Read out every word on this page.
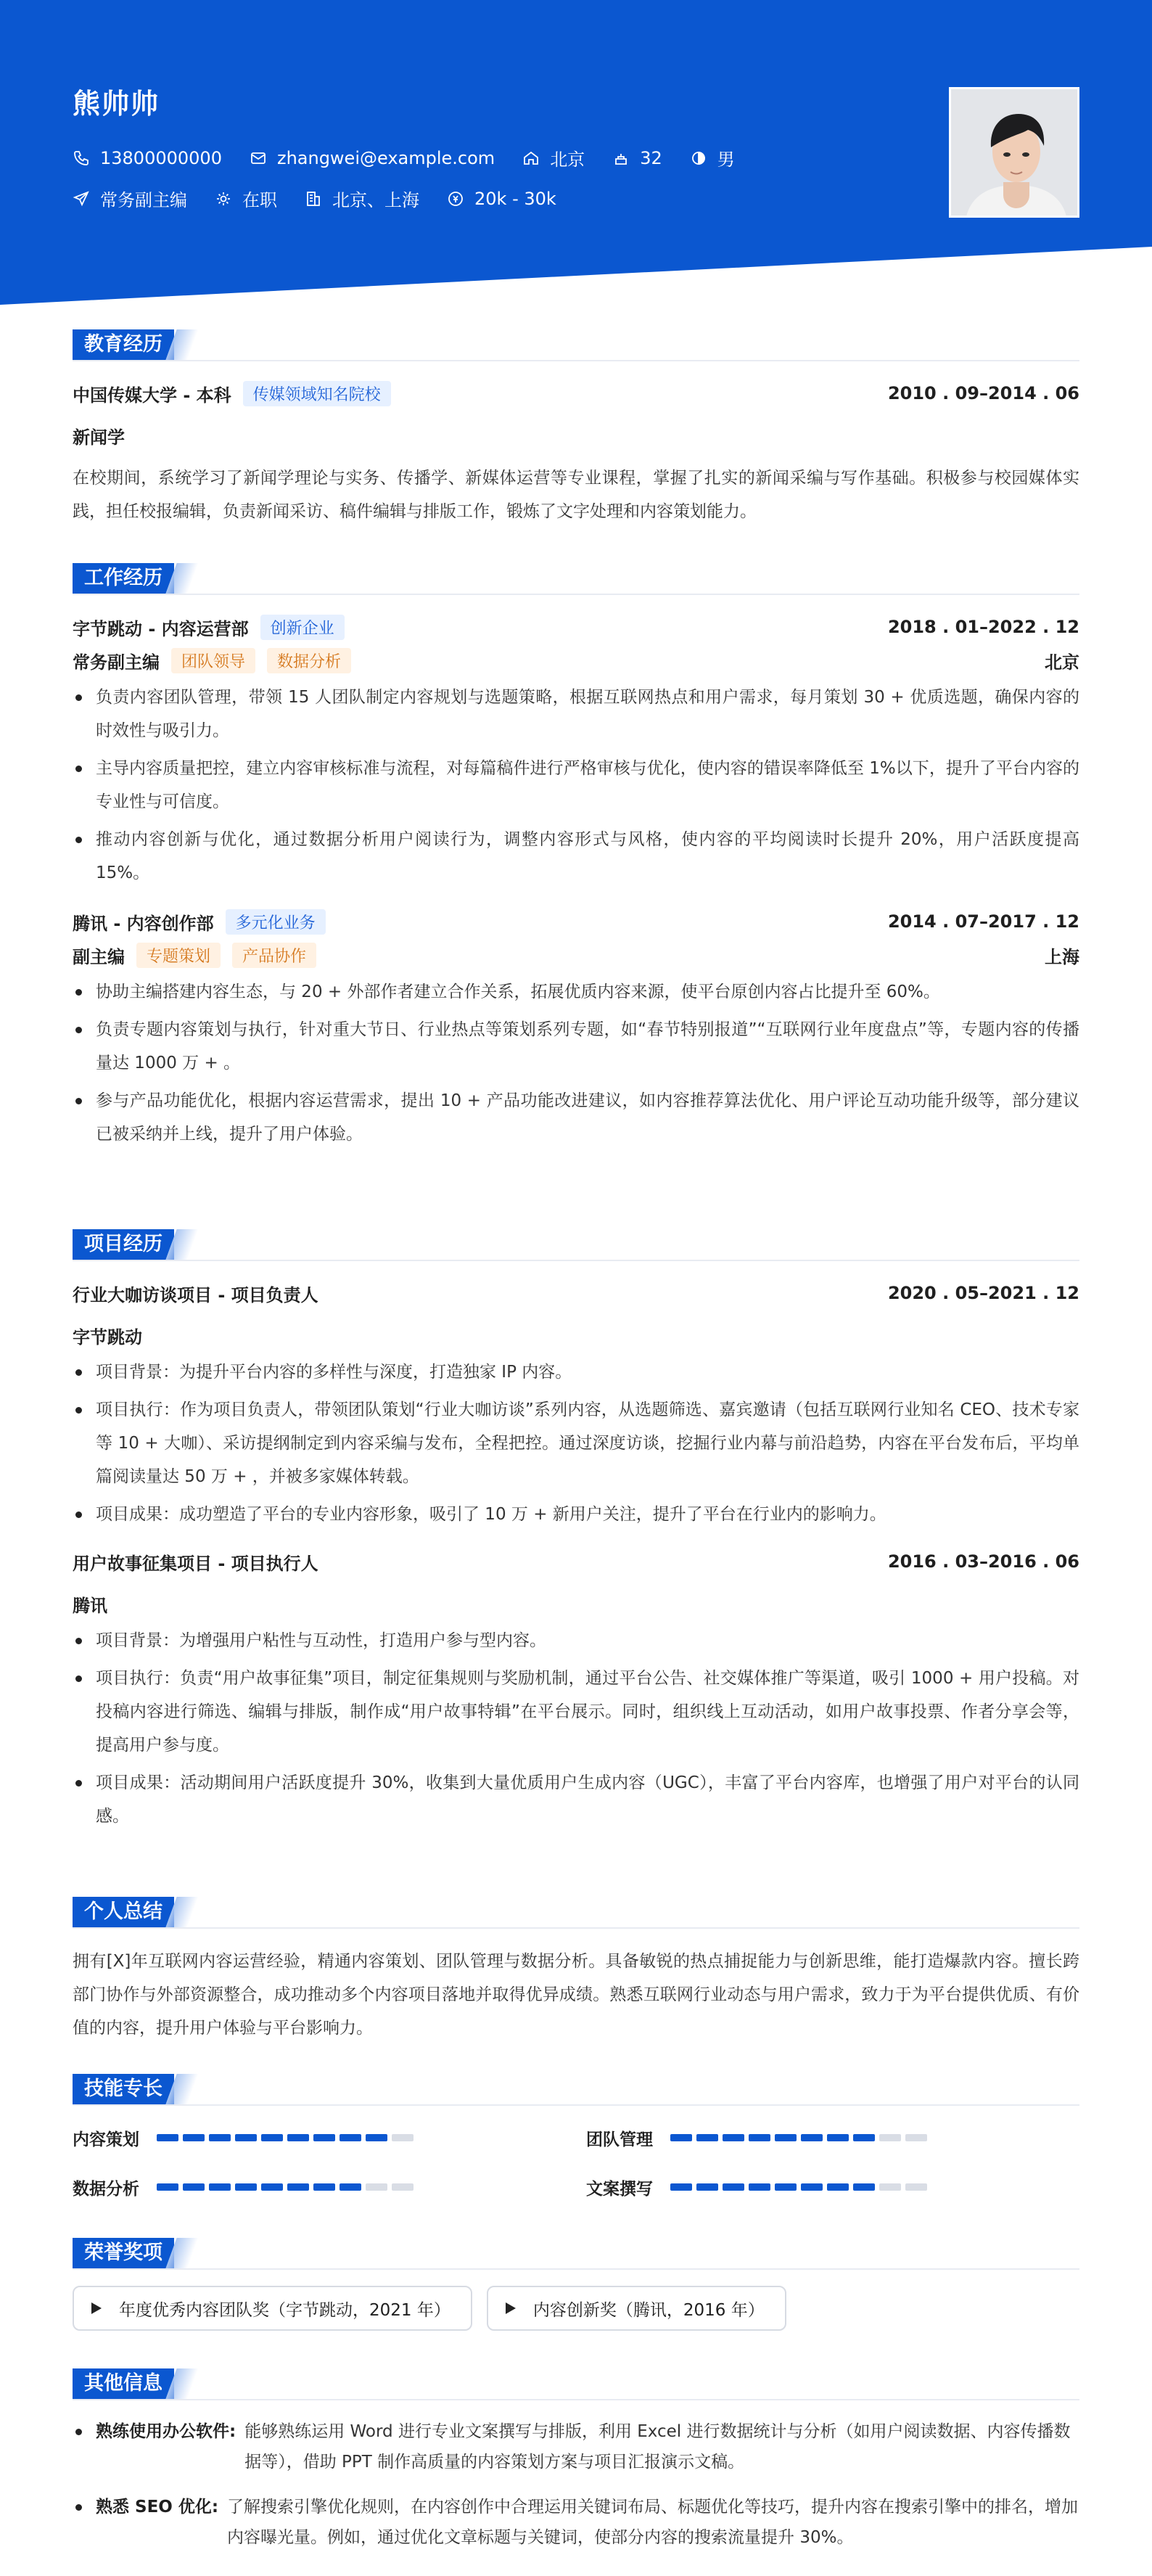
熊帅帅
13800000000	zhangwei@example.com	北京	32	男
常务副主编	在职	北京、上海	20k - 30k
教育经历
中国传媒大学 - 本科	传媒领域知名院校	2010 . 09–2014 . 06
新闻学
在校期间，系统学习了新闻学理论与实务、传播学、新媒体运营等专业课程，掌握了扎实的新闻采编与写作基础。积极参与校园媒体实践，担任校报编辑，负责新闻采访、稿件编辑与排版工作，锻炼了文字处理和内容策划能力。
工作经历
字节跳动 - 内容运营部	创新企业	2018 . 01–2022 . 12
常务副主编	团队领导	数据分析	北京
负责内容团队管理，带领 15 人团队制定内容规划与选题策略，根据互联网热点和用户需求，每月策划 30 + 优质选题，确保内容的时效性与吸引力。
主导内容质量把控，建立内容审核标准与流程，对每篇稿件进行严格审核与优化，使内容的错误率降低至 1%以下，提升了平台内容的专业性与可信度。
推动内容创新与优化，通过数据分析用户阅读行为，调整内容形式与风格，使内容的平均阅读时长提升 20%，用户活跃度提高 15%。
腾讯 - 内容创作部	多元化业务	2014 . 07–2017 . 12
副主编	专题策划	产品协作	上海
协助主编搭建内容生态，与 20 + 外部作者建立合作关系，拓展优质内容来源，使平台原创内容占比提升至 60%。
负责专题内容策划与执行，针对重大节日、行业热点等策划系列专题，如“春节特别报道”“互联网行业年度盘点”等，专题内容的传播量达 1000 万 + 。
参与产品功能优化，根据内容运营需求，提出 10 + 产品功能改进建议，如内容推荐算法优化、用户评论互动功能升级等，部分建议已被采纳并上线，提升了用户体验。
项目经历
行业大咖访谈项目 - 项目负责人	2020 . 05–2021 . 12
字节跳动
项目背景：为提升平台内容的多样性与深度，打造独家 IP 内容。
项目执行：作为项目负责人，带领团队策划“行业大咖访谈”系列内容，从选题筛选、嘉宾邀请（包括互联网行业知名 CEO、技术专家等 10 + 大咖）、采访提纲制定到内容采编与发布，全程把控。通过深度访谈，挖掘行业内幕与前沿趋势，内容在平台发布后，平均单篇阅读量达 50 万 + ，并被多家媒体转载。
项目成果：成功塑造了平台的专业内容形象，吸引了 10 万 + 新用户关注，提升了平台在行业内的影响力。
用户故事征集项目 - 项目执行人	2016 . 03–2016 . 06
腾讯
项目背景：为增强用户粘性与互动性，打造用户参与型内容。
项目执行：负责“用户故事征集”项目，制定征集规则与奖励机制，通过平台公告、社交媒体推广等渠道，吸引 1000 + 用户投稿。对投稿内容进行筛选、编辑与排版，制作成“用户故事特辑”在平台展示。同时，组织线上互动活动，如用户故事投票、作者分享会等，提高用户参与度。
项目成果：活动期间用户活跃度提升 30%，收集到大量优质用户生成内容（UGC），丰富了平台内容库，也增强了用户对平台的认同感。
个人总结
拥有[X]年互联网内容运营经验，精通内容策划、团队管理与数据分析。具备敏锐的热点捕捉能力与创新思维，能打造爆款内容。擅长跨部门协作与外部资源整合，成功推动多个内容项目落地并取得优异成绩。熟悉互联网行业动态与用户需求，致力于为平台提供优质、有价值的内容，提升用户体验与平台影响力。
技能专长
内容策划	团队管理
数据分析	文案撰写
荣誉奖项
年度优秀内容团队奖（字节跳动，2021 年）	内容创新奖（腾讯，2016 年）
其他信息
熟练使用办公软件: 能够熟练运用 Word 进行专业文案撰写与排版，利用 Excel 进行数据统计与分析（如用户阅读数据、内容传播数据等），借助 PPT 制作高质量的内容策划方案与项目汇报演示文稿。
熟悉 SEO 优化: 了解搜索引擎优化规则，在内容创作中合理运用关键词布局、标题优化等技巧，提升内容在搜索引擎中的排名，增加内容曝光量。例如，通过优化文章标题与关键词，使部分内容的搜索流量提升 30%。
